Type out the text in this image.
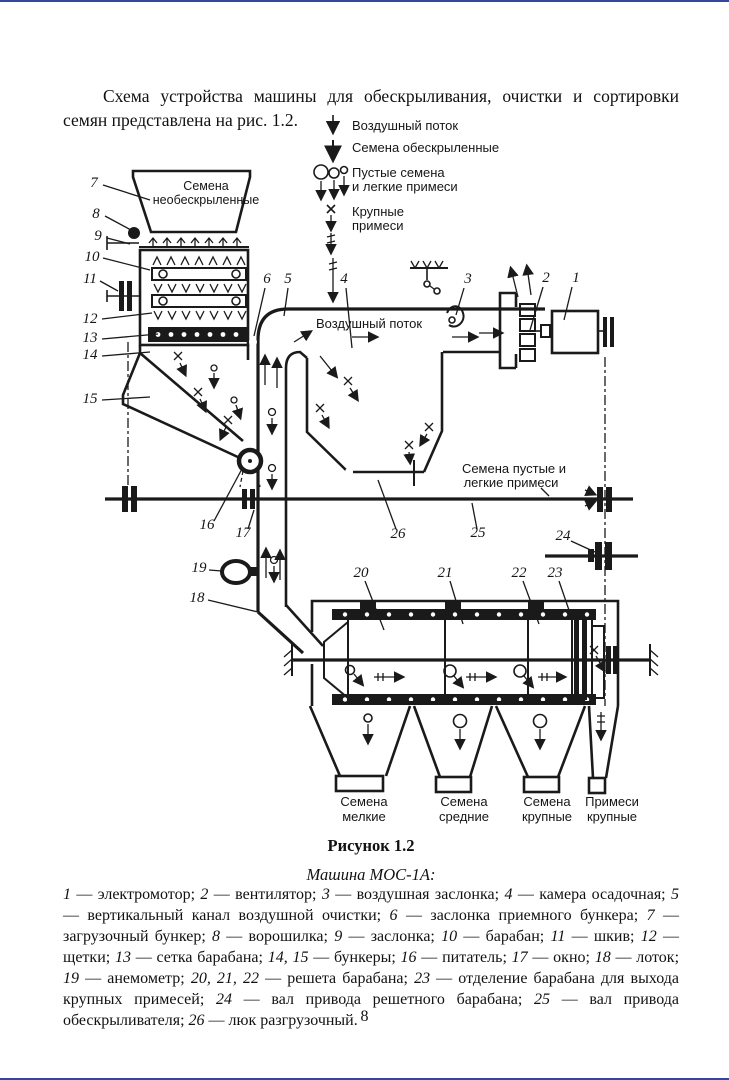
Схема устройства машины для обескрыливания, очистки и сортировки семян представлена на рис. 1.2.	Воздушный поток
Семена обескрыленные
Пустые семена
и легкие примеси
Крупные
примеси
Семена
необескрыленные
Воздушный поток
Семена пустые и
легкие примеси
Семена
мелкие
Семена
средние
Семена
крупные
Примеси
крупные
1
2
3
4
5
6
7
8
9
10
11
12
13
14
15
16 17
18
19	20	21	22 23
24
25
26
Рисунок 1.2
Машина МОС-1А:

1 — электромотор; 2 — вентилятор; 3 — воздушная заслонка; 4 — камера осадочная; 5 — вертикальный канал воздушной очистки; 6 — заслонка приемного бункера; 7 — загрузочный бункер; 8 — ворошилка; 9 — заслонка; 10 — барабан; 11 — шкив; 12 — щетки; 13 — сетка барабана; 14, 15 — бункеры; 16 — питатель; 17 — окно; 18 — лоток; 19 — анемометр; 20, 21, 22 — решета барабана; 23 — отделение барабана для выхода крупных примесей; 24 — вал привода решетного барабана; 25 — вал привода обескрыливателя; 26 — люк разгрузочный. 8
